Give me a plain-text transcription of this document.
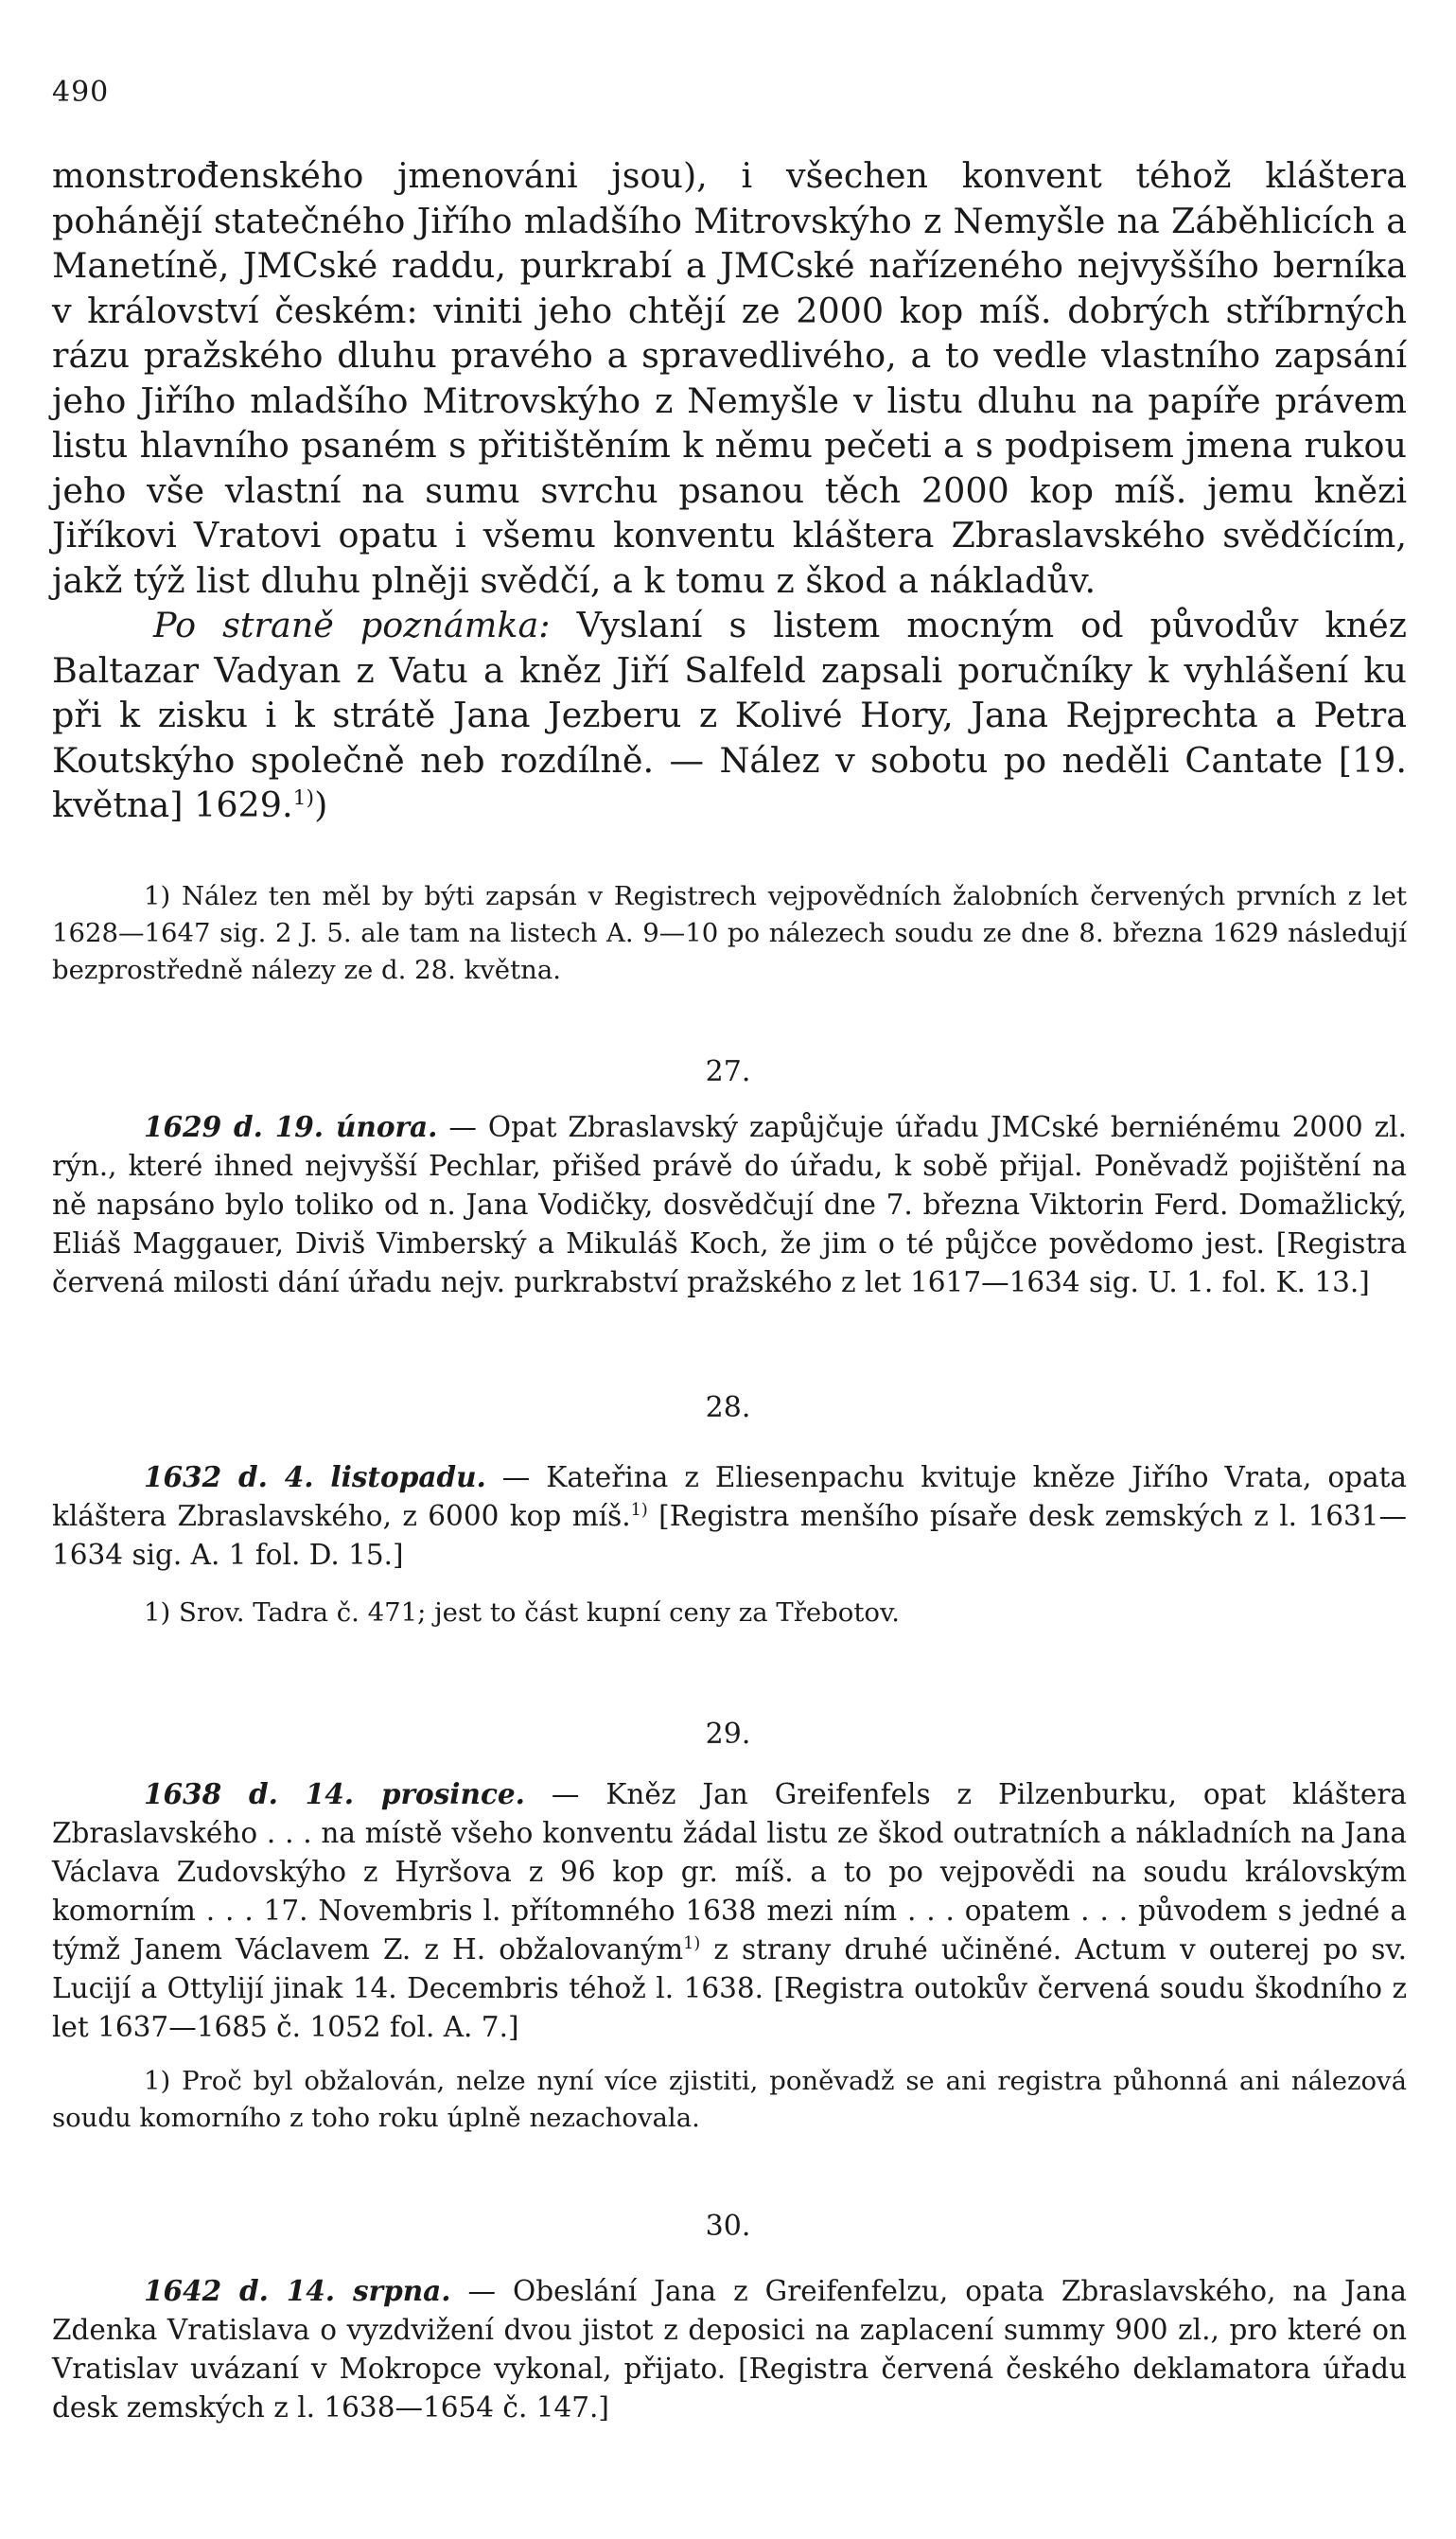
490

monstrođenského jmenováni jsou), i všechen konvent téhož kláštera pohánějí statečného Jiřího mladšího Mitrovskýho z Nemyšle na Záběhlicích a Manetíně, JMCské raddu, purkrabí a JMCské nařízeného nejvyššího berníka v království českém: viniti jeho chtějí ze 2000 kop míš. dobrých stříbrných rázu pražského dluhu pravého a spravedlivého, a to vedle vlastního zapsání jeho Jiřího mladšího Mitrovskýho z Nemyšle v listu dluhu na papíře právem listu hlavního psaném s přitištěním k němu pečeti a s podpisem jmena rukou jeho vše vlastní na sumu svrchu psanou těch 2000 kop míš. jemu knězi Jiříkovi Vratovi opatu i všemu konventu kláštera Zbraslavského svědčícím, jakž týž list dluhu plněji svědčí, a k tomu z škod a nákladův.

Po straně poznámka: Vyslaní s listem mocným od původův knéz Baltazar Vadyan z Vatu a kněz Jiří Salfeld zapsali poručníky k vyhlášení ku při k zisku i k strátě Jana Jezberu z Kolivé Hory, Jana Rejprechta a Petra Koutskýho společně neb rozdílně. — Nález v sobotu po neděli Cantate [19. května] 1629.$^{1)}$)

1) Nález ten měl by býti zapsán v Registrech vejpovědních žalobních červených prvních z let 1628—1647 sig. 2 J. 5. ale tam na listech A. 9—10 po nálezech soudu ze dne 8. března 1629 následují bezprostředně nálezy ze d. 28. května.

27.

1629 d. 19. února. — Opat Zbraslavský zapůjčuje úřadu JMCské berniénému 2000 zl. rýn., které ihned nejvyšší Pechlar, přišed právě do úřadu, k sobě přijal. Poněvadž pojištění na ně napsáno bylo toliko od n. Jana Vodičky, dosvědčují dne 7. března Viktorin Ferd. Domažlický, Eliáš Maggauer, Diviš Vimberský a Mikuláš Koch, že jim o té půjčce povědomo jest. [Registra červená milosti dání úřadu nejv. purkrabství pražského z let 1617—1634 sig. U. 1. fol. K. 13.]

28.

1632 d. 4. listopadu. — Kateřina z Eliesenpachu kvituje kněze Jiřího Vrata, opata kláštera Zbraslavského, z 6000 kop míš.$^{1)}$ [Registra menšího písaře desk zemských z l. 1631—1634 sig. A. 1 fol. D. 15.]

1) Srov. Tadra č. 471; jest to část kupní ceny za Třebotov.

29.

1638 d. 14. prosince. — Kněz Jan Greifenfels z Pilzenburku, opat kláštera Zbraslavského . . . na místě všeho konventu žádal listu ze škod outratních a nákladních na Jana Václava Zudovskýho z Hyršova z 96 kop gr. míš. a to po vejpovědi na soudu královským komorním . . . 17. Novembris l. přítomného 1638 mezi ním . . . opatem . . . původem s jedné a týmž Janem Václavem Z. z H. obžalovaným$^{1)}$ z strany druhé učiněné. Actum v outerej po sv. Lucijí a Ottylijí jinak 14. Decembris téhož l. 1638. [Registra outokův červená soudu škodního z let 1637—1685 č. 1052 fol. A. 7.]

1) Proč byl obžalován, nelze nyní více zjistiti, poněvadž se ani registra půhonná ani nálezová soudu komorního z toho roku úplně nezachovala.

30.

1642 d. 14. srpna. — Obeslání Jana z Greifenfelzu, opata Zbraslavského, na Jana Zdenka Vratislava o vyzdvižení dvou jistot z deposici na zaplacení summy 900 zl., pro které on Vratislav uvázaní v Mokropce vykonal, přijato. [Registra červená českého deklamatora úřadu desk zemských z l. 1638—1654 č. 147.]
